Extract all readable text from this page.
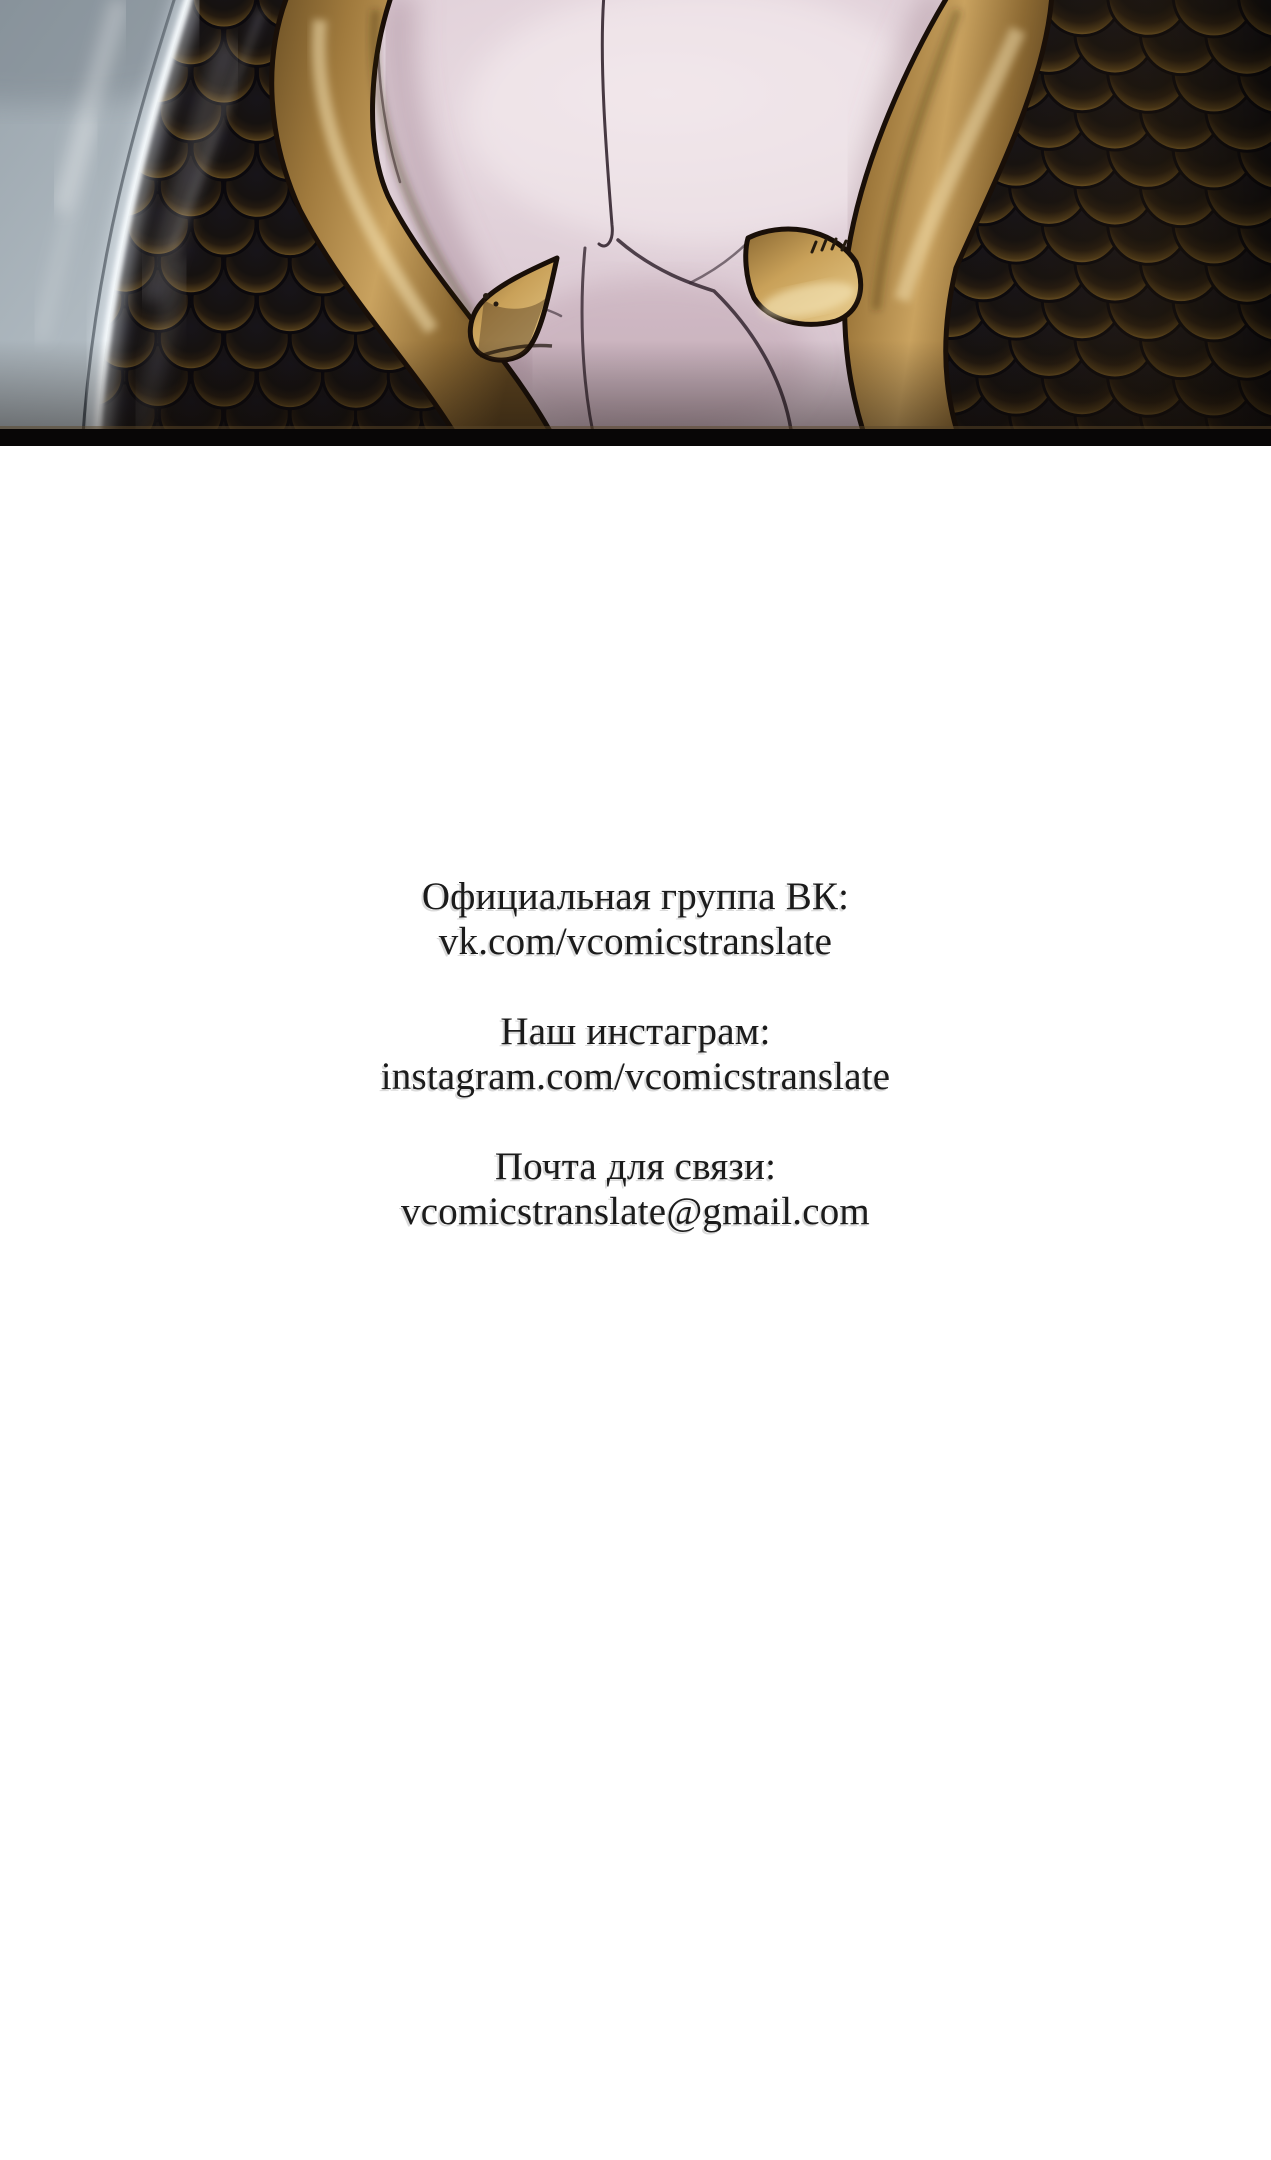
Официальная группа ВК:
vk.com/vcomicstranslate
Наш инстаграм:
instagram.com/vcomicstranslate
Почта для связи:
vcomicstranslate@gmail.com
